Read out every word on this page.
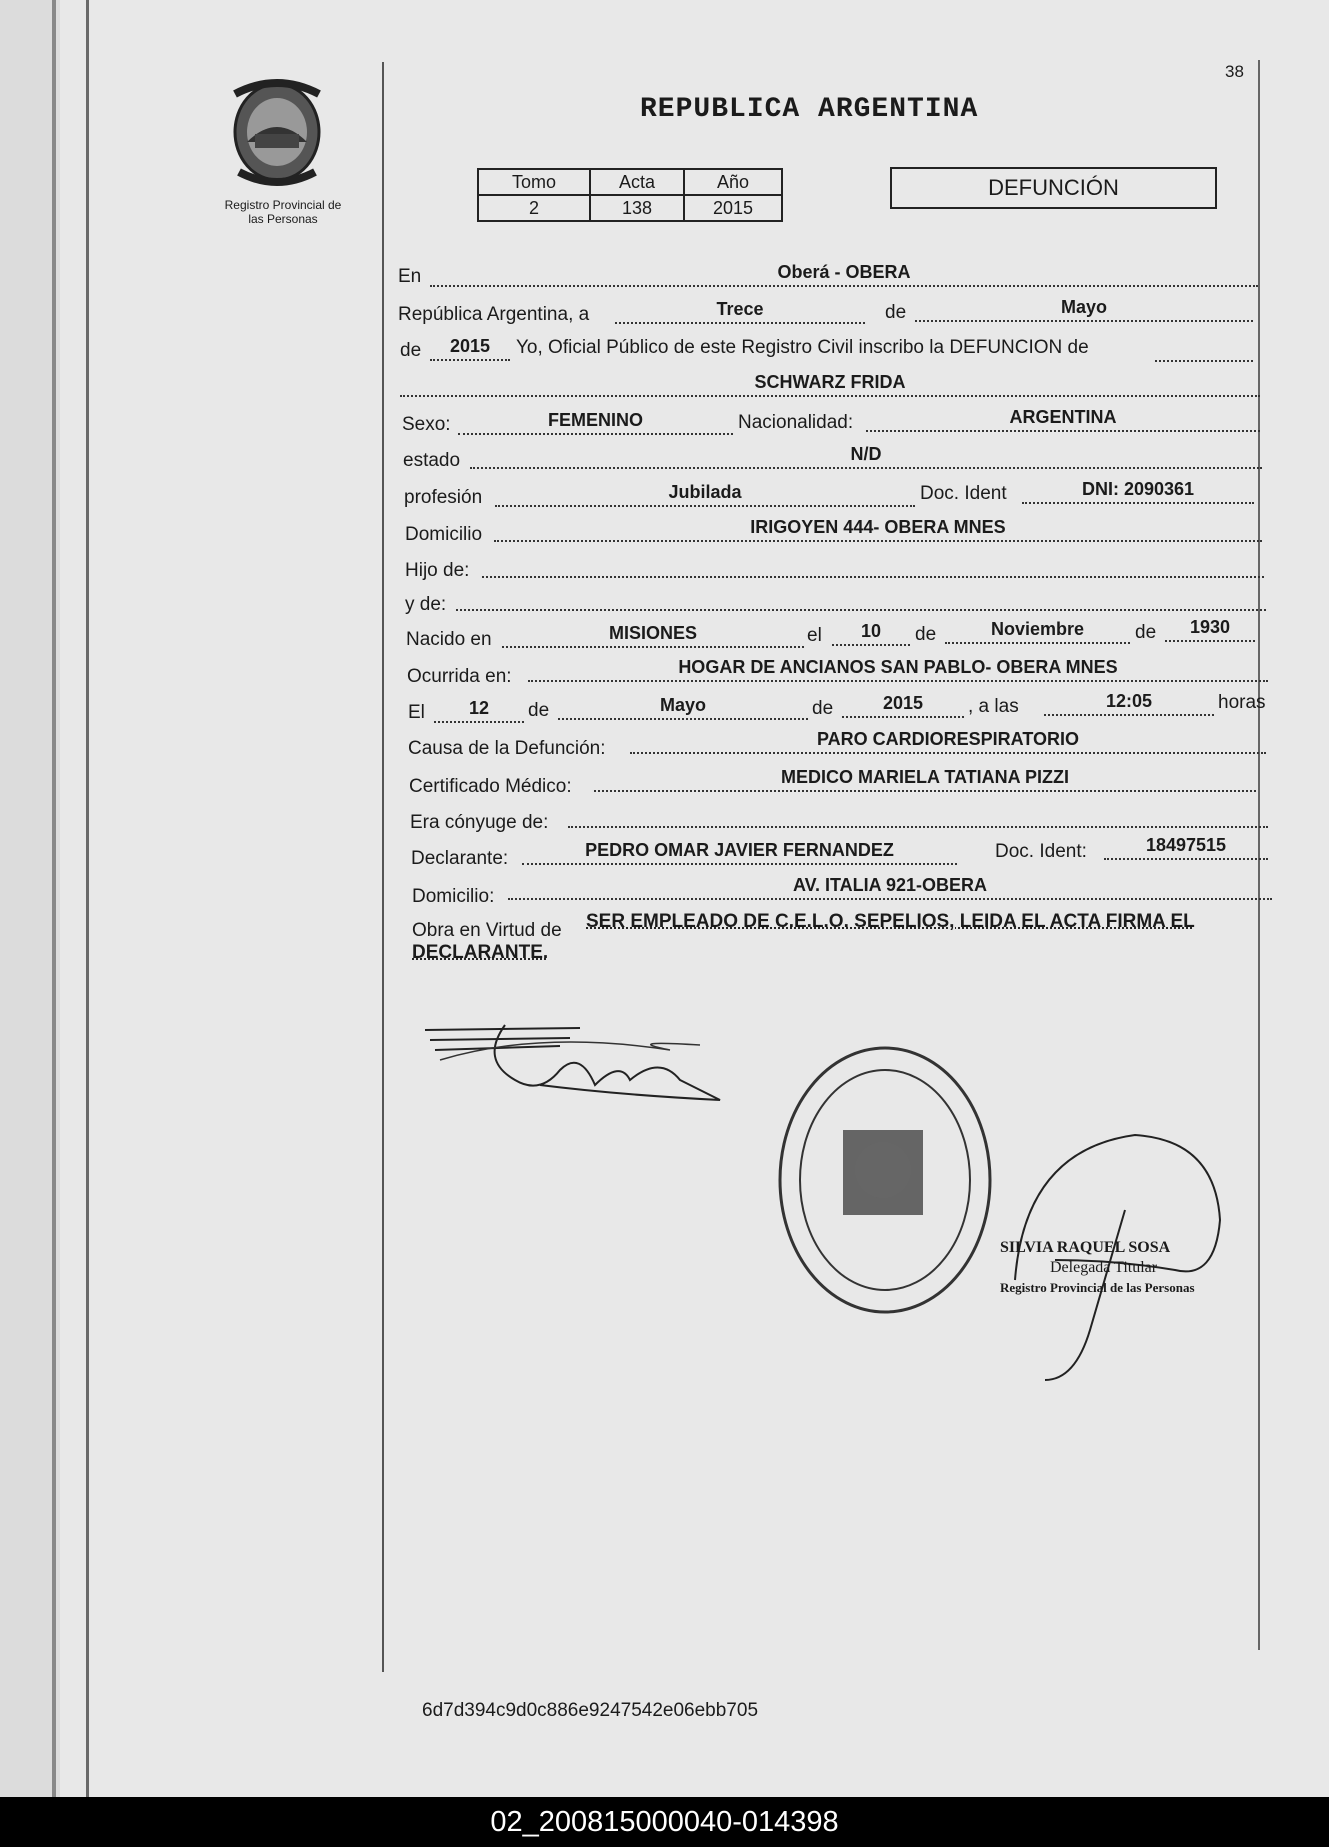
38
Registro Provincial de
las Personas
REPUBLICA ARGENTINA
Tomo	Acta	Año
2	138	2015
DEFUNCIÓN
En	Oberá - OBERA
República Argentina, a	Trece	de	Mayo
de	2015	Yo, Oficial Público de este Registro Civil inscribo la DEFUNCION de
SCHWARZ FRIDA
Sexo:	FEMENINO	Nacionalidad:	ARGENTINA
estado	N/D
profesión	Jubilada	Doc. Ident	DNI: 2090361
Domicilio	IRIGOYEN 444- OBERA MNES
Hijo de:
y de:
Nacido en	MISIONES	el	10	de	Noviembre	de	1930
Ocurrida en:	HOGAR DE ANCIANOS SAN PABLO- OBERA MNES
El	12	de	Mayo	de	2015	, a las	12:05	horas
Causa de la Defunción:	PARO CARDIORESPIRATORIO
Certificado Médico:	MEDICO MARIELA TATIANA PIZZI
Era cónyuge de:
Declarante:	PEDRO OMAR JAVIER FERNANDEZ	Doc. Ident:	18497515
Domicilio:
AV. ITALIA 921-OBERA
Obra en Virtud de SER EMPLEADO DE C.E.L.O. SEPELIOS, LEIDA EL ACTA FIRMA EL
DECLARANTE.
SILVIA RAQUEL SOSA
Delegada Titular
Registro Provincial de las Personas
6d7d394c9d0c886e9247542e06ebb705
02_200815000040-014398
